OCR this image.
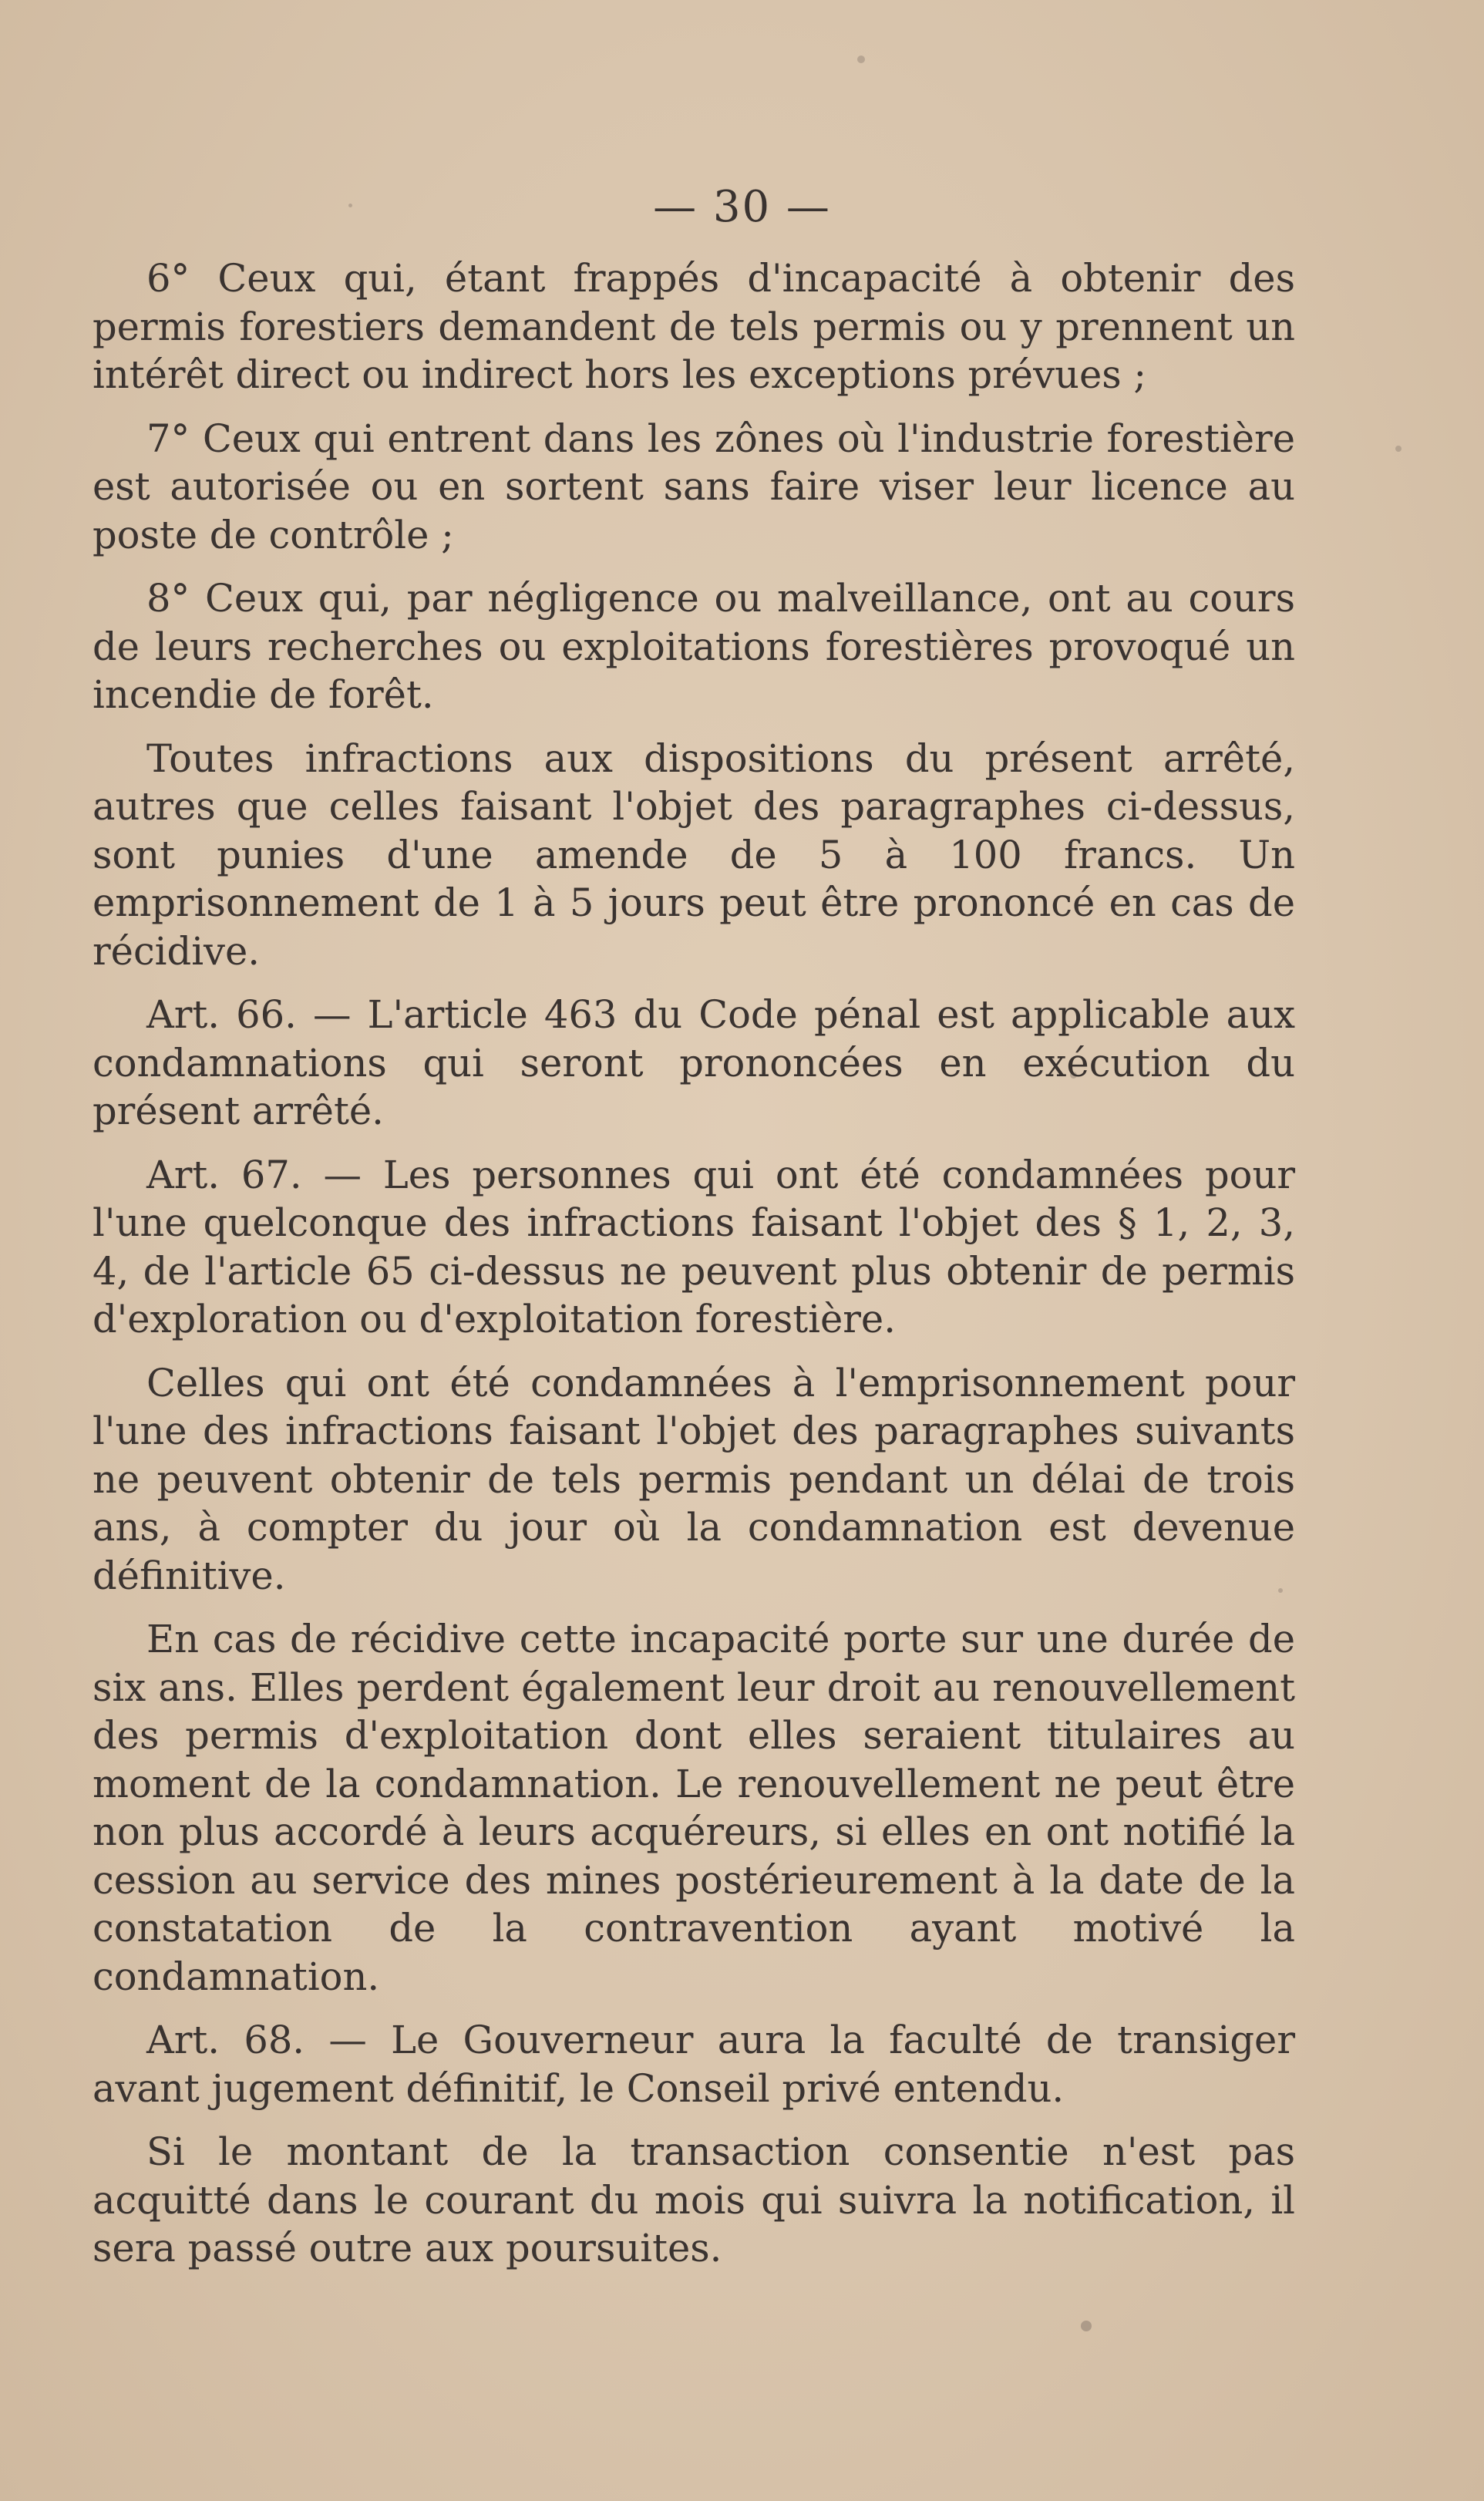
— 30 —

6° Ceux qui, étant frappés d'incapacité à obtenir des permis forestiers demandent de tels permis ou y prennent un intérêt direct ou indirect hors les exceptions prévues ;

7° Ceux qui entrent dans les zônes où l'industrie forestière est autorisée ou en sortent sans faire viser leur licence au poste de contrôle ;

8° Ceux qui, par négligence ou malveillance, ont au cours de leurs recherches ou exploitations forestières provoqué un incendie de forêt.

Toutes infractions aux dispositions du présent arrêté, autres que celles faisant l'objet des paragraphes ci-dessus, sont punies d'une amende de 5 à 100 francs. Un emprisonnement de 1 à 5 jours peut être prononcé en cas de récidive.

Art. 66. — L'article 463 du Code pénal est applicable aux condamnations qui seront prononcées en exécution du présent arrêté.

Art. 67. — Les personnes qui ont été condamnées pour l'une quelconque des infractions faisant l'objet des § 1, 2, 3, 4, de l'article 65 ci-dessus ne peuvent plus obtenir de permis d'exploration ou d'exploitation forestière.

Celles qui ont été condamnées à l'emprisonnement pour l'une des infractions faisant l'objet des paragraphes suivants ne peuvent obtenir de tels permis pendant un délai de trois ans, à compter du jour où la condamnation est devenue définitive.

En cas de récidive cette incapacité porte sur une durée de six ans. Elles perdent également leur droit au renouvellement des permis d'exploitation dont elles seraient titulaires au moment de la condamnation. Le renouvellement ne peut être non plus accordé à leurs acquéreurs, si elles en ont notifié la cession au service des mines postérieurement à la date de la constatation de la contravention ayant motivé la condamnation.

Art. 68. — Le Gouverneur aura la faculté de transiger avant jugement définitif, le Conseil privé entendu.

Si le montant de la transaction consentie n'est pas acquitté dans le courant du mois qui suivra la notification, il sera passé outre aux poursuites.
